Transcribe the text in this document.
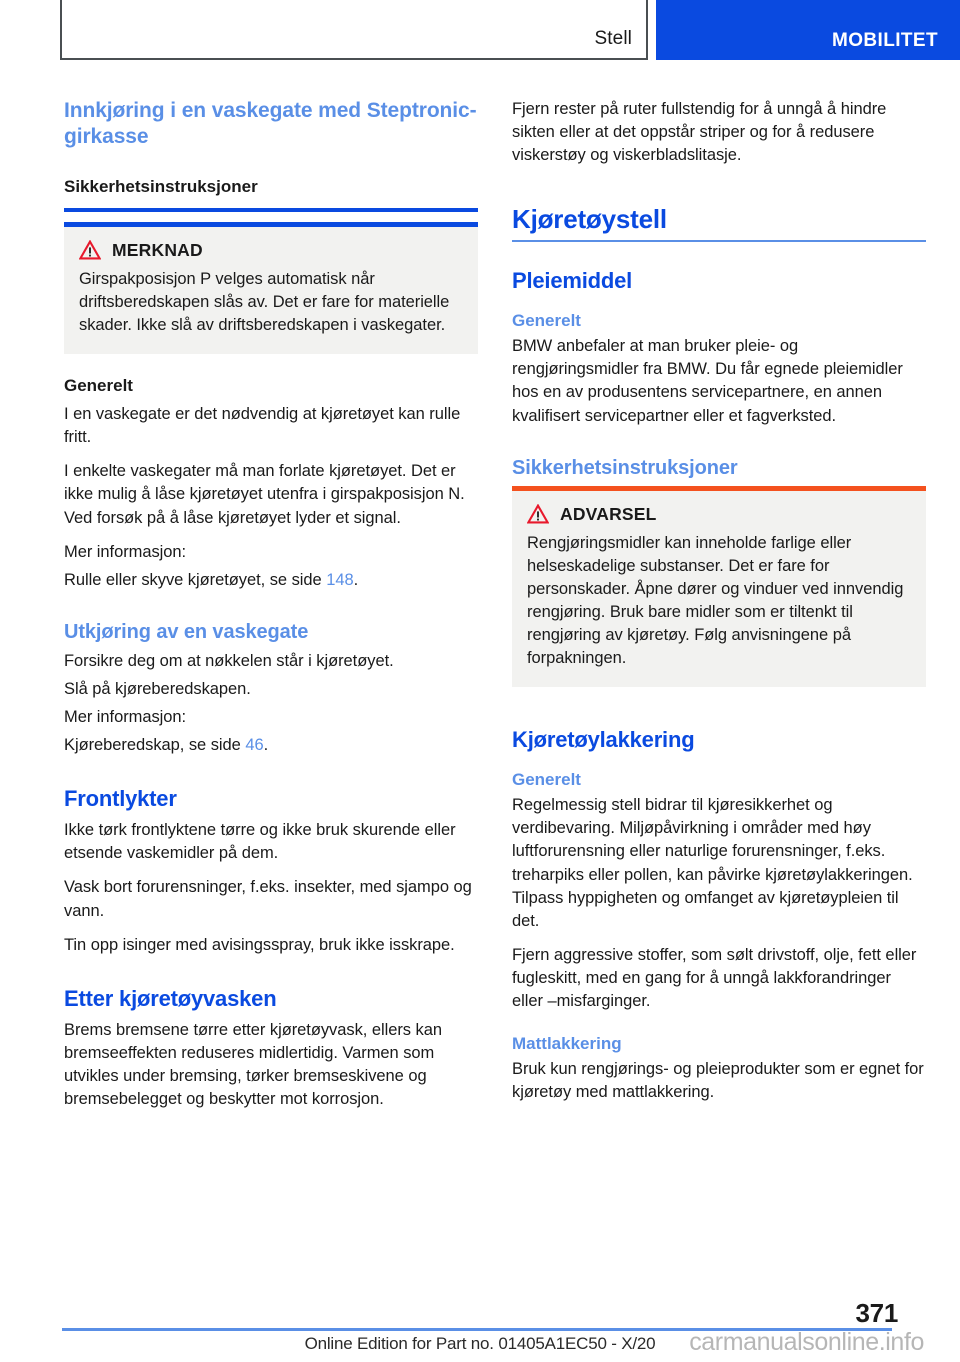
Stell	MOBILITET
Innkjøring i en vaskegate med Steptronic-girkasse
Sikkerhetsinstruksjoner
MERKNAD

Girspakposisjon P velges automatisk når driftsberedskapen slås av. Det er fare for materielle skader. Ikke slå av driftsberedskapen i vaskegater.

Generelt

I en vaskegate er det nødvendig at kjøretøyet kan rulle fritt.

I enkelte vaskegater må man forlate kjøretøyet. Det er ikke mulig å låse kjøretøyet utenfra i girspakposisjon N. Ved forsøk på å låse kjøretøyet lyder et signal.

Mer informasjon:

Rulle eller skyve kjøretøyet, se side 148.

Utkjøring av en vaskegate

Forsikre deg om at nøkkelen står i kjøretøyet.

Slå på kjøreberedskapen.

Mer informasjon:

Kjøreberedskap, se side 46.

Frontlykter

Ikke tørk frontlyktene tørre og ikke bruk skurende eller etsende vaskemidler på dem.

Vask bort forurensninger, f.eks. insekter, med sjampo og vann.

Tin opp isinger med avisingsspray, bruk ikke isskrape.

Etter kjøretøyvasken

Brems bremsene tørre etter kjøretøyvask, ellers kan bremseeffekten reduseres midlertidig. Varmen som utvikles under bremsing, tørker bremseskivene og bremsebelegget og beskytter mot korrosjon.

Fjern rester på ruter fullstendig for å unngå å hindre sikten eller at det oppstår striper og for å redusere viskerstøy og viskerbladslitasje.

Kjøretøystell
Pleiemiddel
Generelt

BMW anbefaler at man bruker pleie- og rengjøringsmidler fra BMW. Du får egnede pleiemidler hos en av produsentens servicepartnere, en annen kvalifisert servicepartner eller et fagverksted.

Sikkerhetsinstruksjoner
ADVARSEL

Rengjøringsmidler kan inneholde farlige eller helseskadelige substanser. Det er fare for personskader. Åpne dører og vinduer ved innvendig rengjøring. Bruk bare midler som er tiltenkt til rengjøring av kjøretøy. Følg anvisningene på forpakningen.

Kjøretøylakkering
Generelt

Regelmessig stell bidrar til kjøresikkerhet og verdibevaring. Miljøpåvirkning i områder med høy luftforurensning eller naturlige forurensninger, f.eks. treharpiks eller pollen, kan påvirke kjøretøylakkeringen. Tilpass hyppigheten og omfanget av kjøretøypleien til det.

Fjern aggressive stoffer, som sølt drivstoff, olje, fett eller fugleskitt, med en gang for å unngå lakkforandringer eller –misfarginger.

Mattlakkering

Bruk kun rengjørings- og pleieprodukter som er egnet for kjøretøy med mattlakkering.

371
Online Edition for Part no. 01405A1EC50 - X/20	carmanualsonline.info
